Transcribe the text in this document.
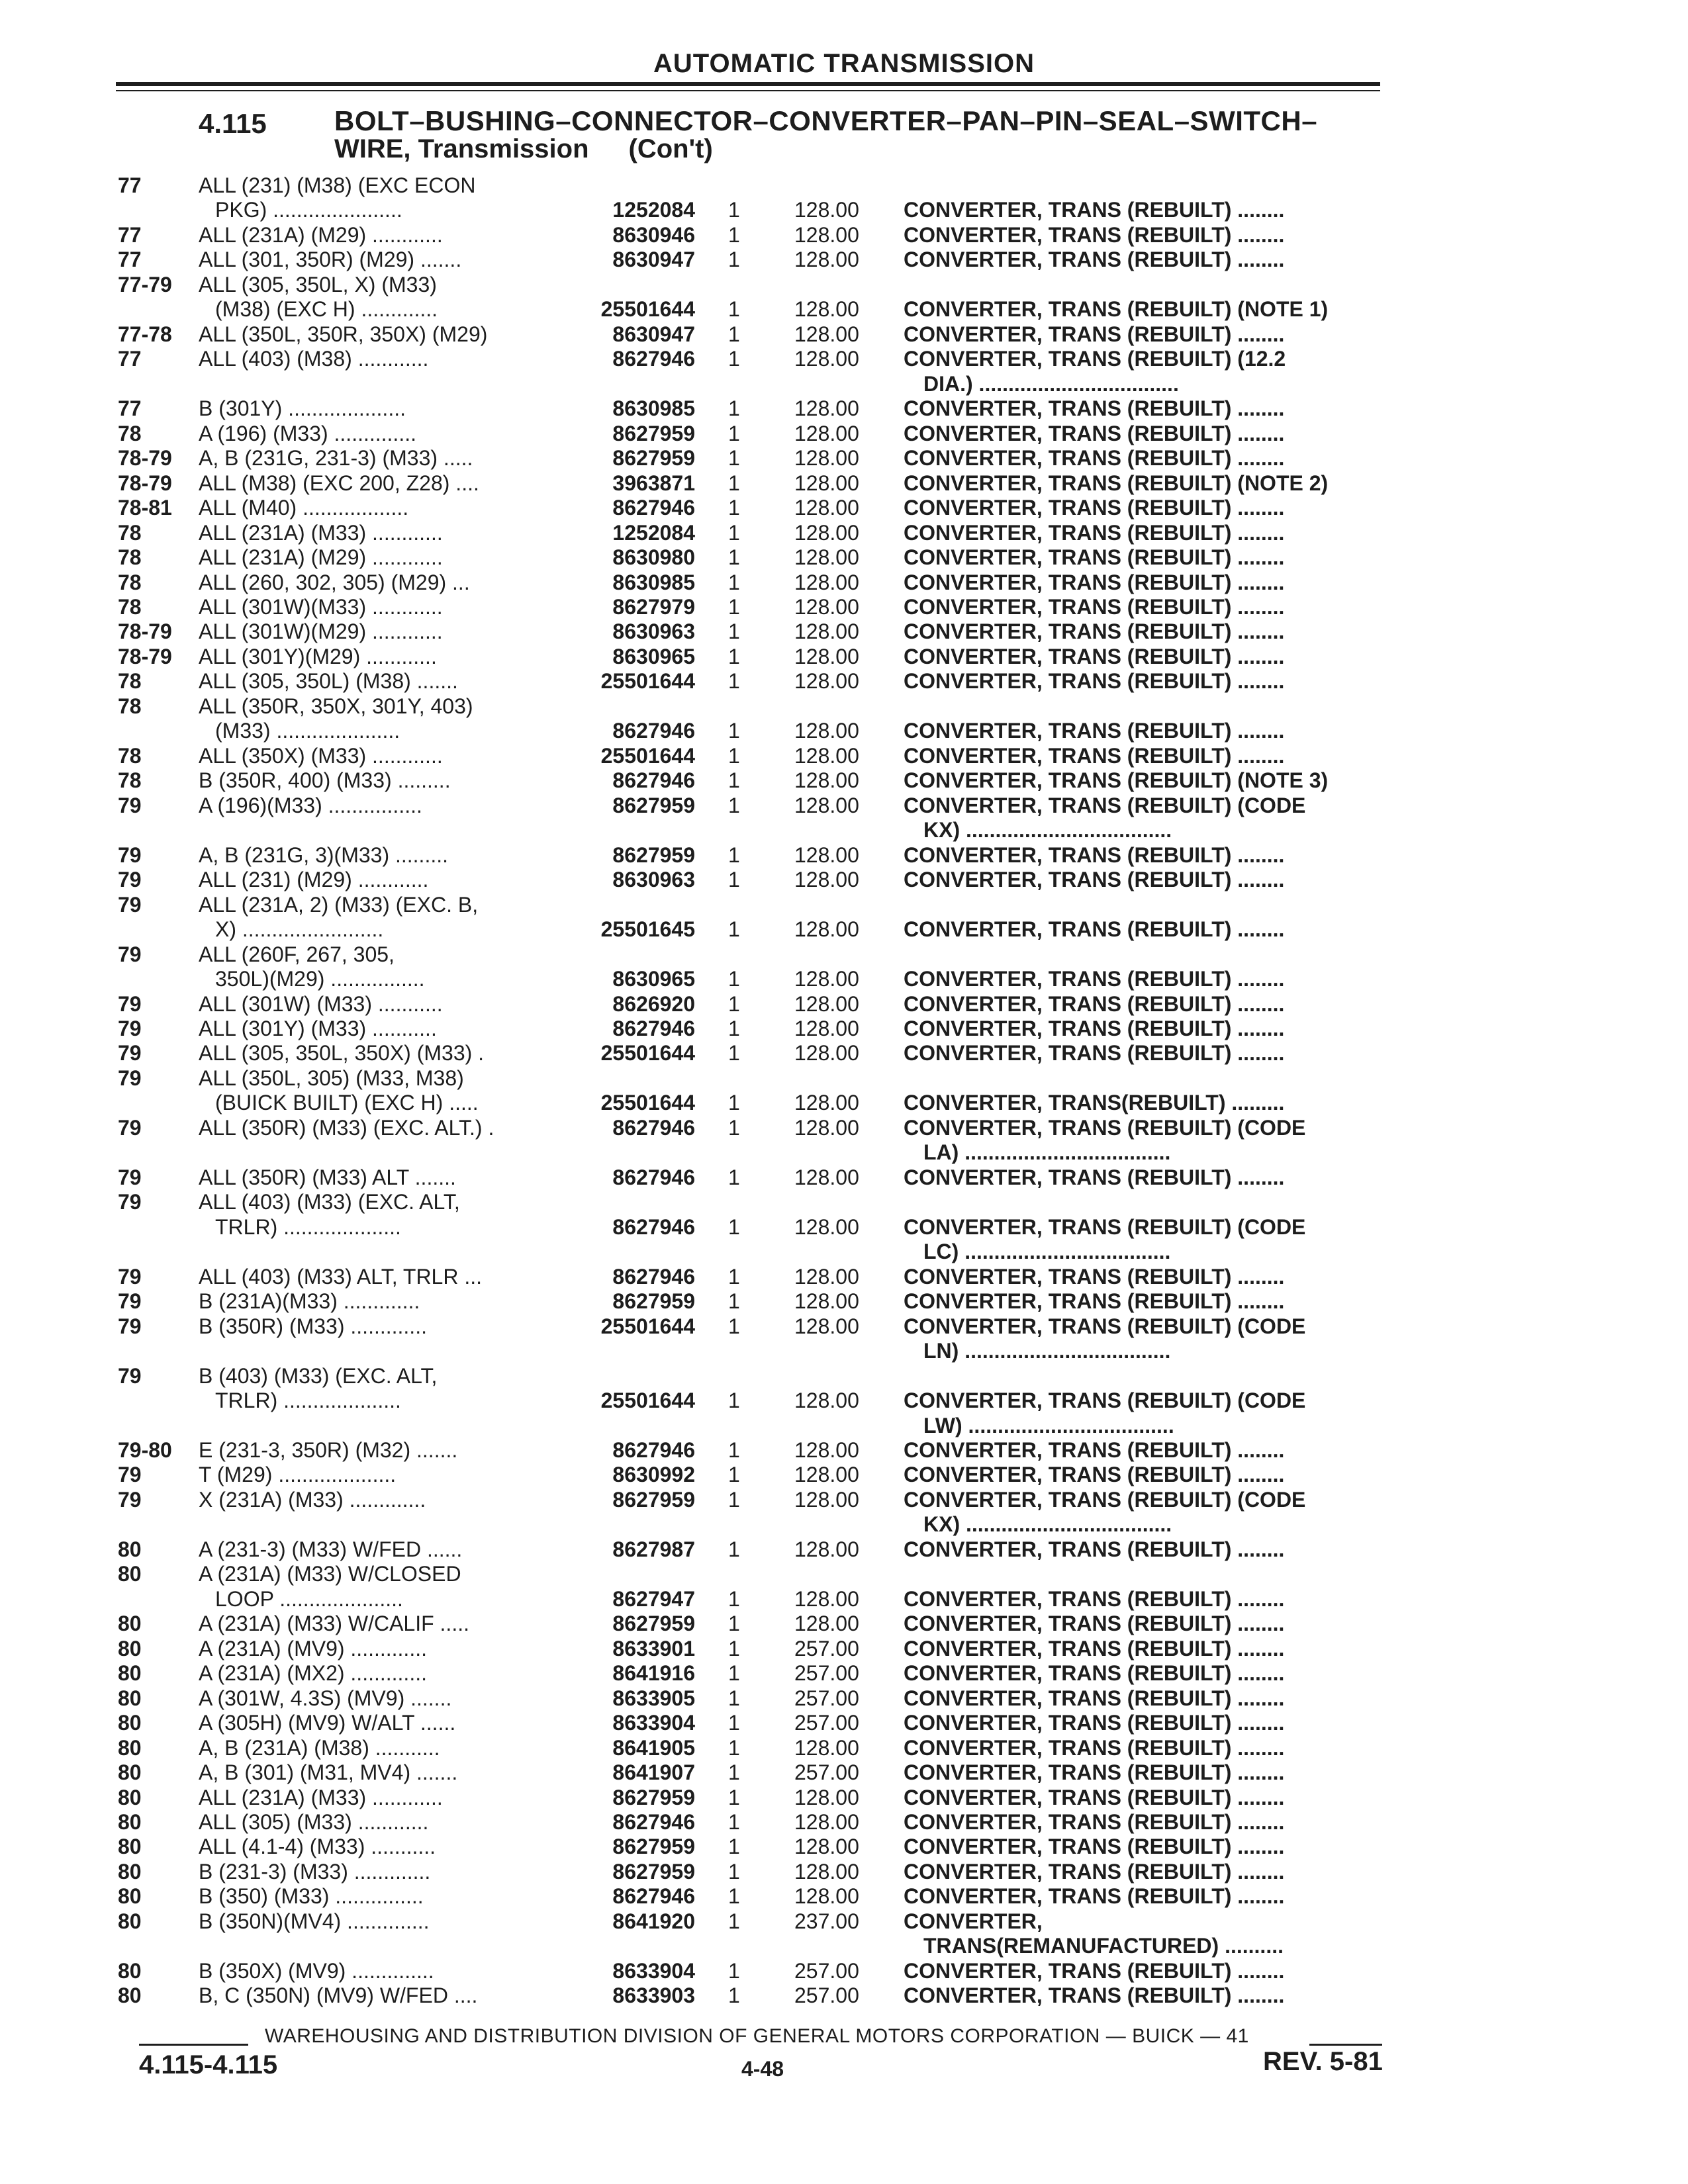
AUTOMATIC TRANSMISSION
4.115 BOLT–BUSHING–CONNECTOR–CONVERTER–PAN–PIN–SEAL–SWITCH–
WIRE, Transmission (Con't)
77	ALL (231) (M38) (EXC ECON
PKG) ......................	1252084 1	128.00 CONVERTER, TRANS (REBUILT) ........
77	ALL (231A) (M29) ............	8630946 1	128.00 CONVERTER, TRANS (REBUILT) ........
77	ALL (301, 350R) (M29) .......	8630947 1	128.00 CONVERTER, TRANS (REBUILT) ........
77-79 ALL (305, 350L, X) (M33)
(M38) (EXC H) .............	25501644 1	128.00 CONVERTER, TRANS (REBUILT) (NOTE 1)
77-78 ALL (350L, 350R, 350X) (M29)	8630947 1	128.00 CONVERTER, TRANS (REBUILT) ........
77	ALL (403) (M38) ............	8627946 1	128.00 CONVERTER, TRANS (REBUILT) (12.2
DIA.) ..................................
77	B (301Y) ....................	8630985 1	128.00 CONVERTER, TRANS (REBUILT) ........
78	A (196) (M33) ..............	8627959 1	128.00 CONVERTER, TRANS (REBUILT) ........
78-79 A, B (231G, 231-3) (M33) .....	8627959 1	128.00 CONVERTER, TRANS (REBUILT) ........
78-79 ALL (M38) (EXC 200, Z28) ....	3963871 1	128.00 CONVERTER, TRANS (REBUILT) (NOTE 2)
78-81 ALL (M40) ..................	8627946 1	128.00 CONVERTER, TRANS (REBUILT) ........
78	ALL (231A) (M33) ............	1252084 1	128.00 CONVERTER, TRANS (REBUILT) ........
78	ALL (231A) (M29) ............	8630980 1	128.00 CONVERTER, TRANS (REBUILT) ........
78	ALL (260, 302, 305) (M29) ...	8630985 1	128.00 CONVERTER, TRANS (REBUILT) ........
78	ALL (301W)(M33) ............	8627979 1	128.00 CONVERTER, TRANS (REBUILT) ........
78-79 ALL (301W)(M29) ............	8630963 1	128.00 CONVERTER, TRANS (REBUILT) ........
78-79 ALL (301Y)(M29) ............	8630965 1	128.00 CONVERTER, TRANS (REBUILT) ........
78	ALL (305, 350L) (M38) .......	25501644 1	128.00 CONVERTER, TRANS (REBUILT) ........
78	ALL (350R, 350X, 301Y, 403)
(M33) .....................	8627946 1	128.00 CONVERTER, TRANS (REBUILT) ........
78	ALL (350X) (M33) ............	25501644 1	128.00 CONVERTER, TRANS (REBUILT) ........
78	B (350R, 400) (M33) .........	8627946 1	128.00 CONVERTER, TRANS (REBUILT) (NOTE 3)
79	A (196)(M33) ................	8627959 1	128.00 CONVERTER, TRANS (REBUILT) (CODE
KX) ...................................
79	A, B (231G, 3)(M33) .........	8627959 1	128.00 CONVERTER, TRANS (REBUILT) ........
79	ALL (231) (M29) ............	8630963 1	128.00 CONVERTER, TRANS (REBUILT) ........
79	ALL (231A, 2) (M33) (EXC. B,
X) ........................	25501645 1	128.00 CONVERTER, TRANS (REBUILT) ........
79	ALL (260F, 267, 305,
350L)(M29) ................	8630965 1	128.00 CONVERTER, TRANS (REBUILT) ........
79	ALL (301W) (M33) ...........	8626920 1	128.00 CONVERTER, TRANS (REBUILT) ........
79	ALL (301Y) (M33) ...........	8627946 1	128.00 CONVERTER, TRANS (REBUILT) ........
79	ALL (305, 350L, 350X) (M33) .	25501644 1	128.00 CONVERTER, TRANS (REBUILT) ........
79	ALL (350L, 305) (M33, M38)
(BUICK BUILT) (EXC H) .....	25501644 1	128.00 CONVERTER, TRANS(REBUILT) .........
79	ALL (350R) (M33) (EXC. ALT.) .	8627946 1	128.00 CONVERTER, TRANS (REBUILT) (CODE
LA) ...................................
79	ALL (350R) (M33) ALT .......	8627946 1	128.00 CONVERTER, TRANS (REBUILT) ........
79	ALL (403) (M33) (EXC. ALT,
TRLR) ....................	8627946 1	128.00 CONVERTER, TRANS (REBUILT) (CODE
LC) ...................................
79	ALL (403) (M33) ALT, TRLR ...	8627946 1	128.00 CONVERTER, TRANS (REBUILT) ........
79	B (231A)(M33) .............	8627959 1	128.00 CONVERTER, TRANS (REBUILT) ........
79	B (350R) (M33) .............	25501644 1	128.00 CONVERTER, TRANS (REBUILT) (CODE
LN) ...................................
79	B (403) (M33) (EXC. ALT,
TRLR) ....................	25501644 1	128.00 CONVERTER, TRANS (REBUILT) (CODE
LW) ...................................
79-80 E (231-3, 350R) (M32) .......	8627946 1	128.00 CONVERTER, TRANS (REBUILT) ........
79	T (M29) ....................	8630992 1	128.00 CONVERTER, TRANS (REBUILT) ........
79	X (231A) (M33) .............	8627959 1	128.00 CONVERTER, TRANS (REBUILT) (CODE
KX) ...................................
80	A (231-3) (M33) W/FED ......	8627987 1	128.00 CONVERTER, TRANS (REBUILT) ........
80	A (231A) (M33) W/CLOSED
LOOP .....................	8627947 1	128.00 CONVERTER, TRANS (REBUILT) ........
80	A (231A) (M33) W/CALIF .....	8627959 1	128.00 CONVERTER, TRANS (REBUILT) ........
80	A (231A) (MV9) .............	8633901 1	257.00 CONVERTER, TRANS (REBUILT) ........
80	A (231A) (MX2) .............	8641916 1	257.00 CONVERTER, TRANS (REBUILT) ........
80	A (301W, 4.3S) (MV9) .......	8633905 1	257.00 CONVERTER, TRANS (REBUILT) ........
80	A (305H) (MV9) W/ALT ......	8633904 1	257.00 CONVERTER, TRANS (REBUILT) ........
80	A, B (231A) (M38) ...........	8641905 1	128.00 CONVERTER, TRANS (REBUILT) ........
80	A, B (301) (M31, MV4) .......	8641907 1	257.00 CONVERTER, TRANS (REBUILT) ........
80	ALL (231A) (M33) ............	8627959 1	128.00 CONVERTER, TRANS (REBUILT) ........
80	ALL (305) (M33) ............	8627946 1	128.00 CONVERTER, TRANS (REBUILT) ........
80	ALL (4.1-4) (M33) ...........	8627959 1	128.00 CONVERTER, TRANS (REBUILT) ........
80	B (231-3) (M33) .............	8627959 1	128.00 CONVERTER, TRANS (REBUILT) ........
80	B (350) (M33) ...............	8627946 1	128.00 CONVERTER, TRANS (REBUILT) ........
80	B (350N)(MV4) ..............	8641920 1	237.00 CONVERTER,
TRANS(REMANUFACTURED) ..........
80	B (350X) (MV9) ..............	8633904 1	257.00 CONVERTER, TRANS (REBUILT) ........
80	B, C (350N) (MV9) W/FED ....	8633903 1	257.00 CONVERTER, TRANS (REBUILT) ........
WAREHOUSING AND DISTRIBUTION DIVISION OF GENERAL MOTORS CORPORATION — BUICK — 41
4.115-4.115	4-48	REV. 5-81
